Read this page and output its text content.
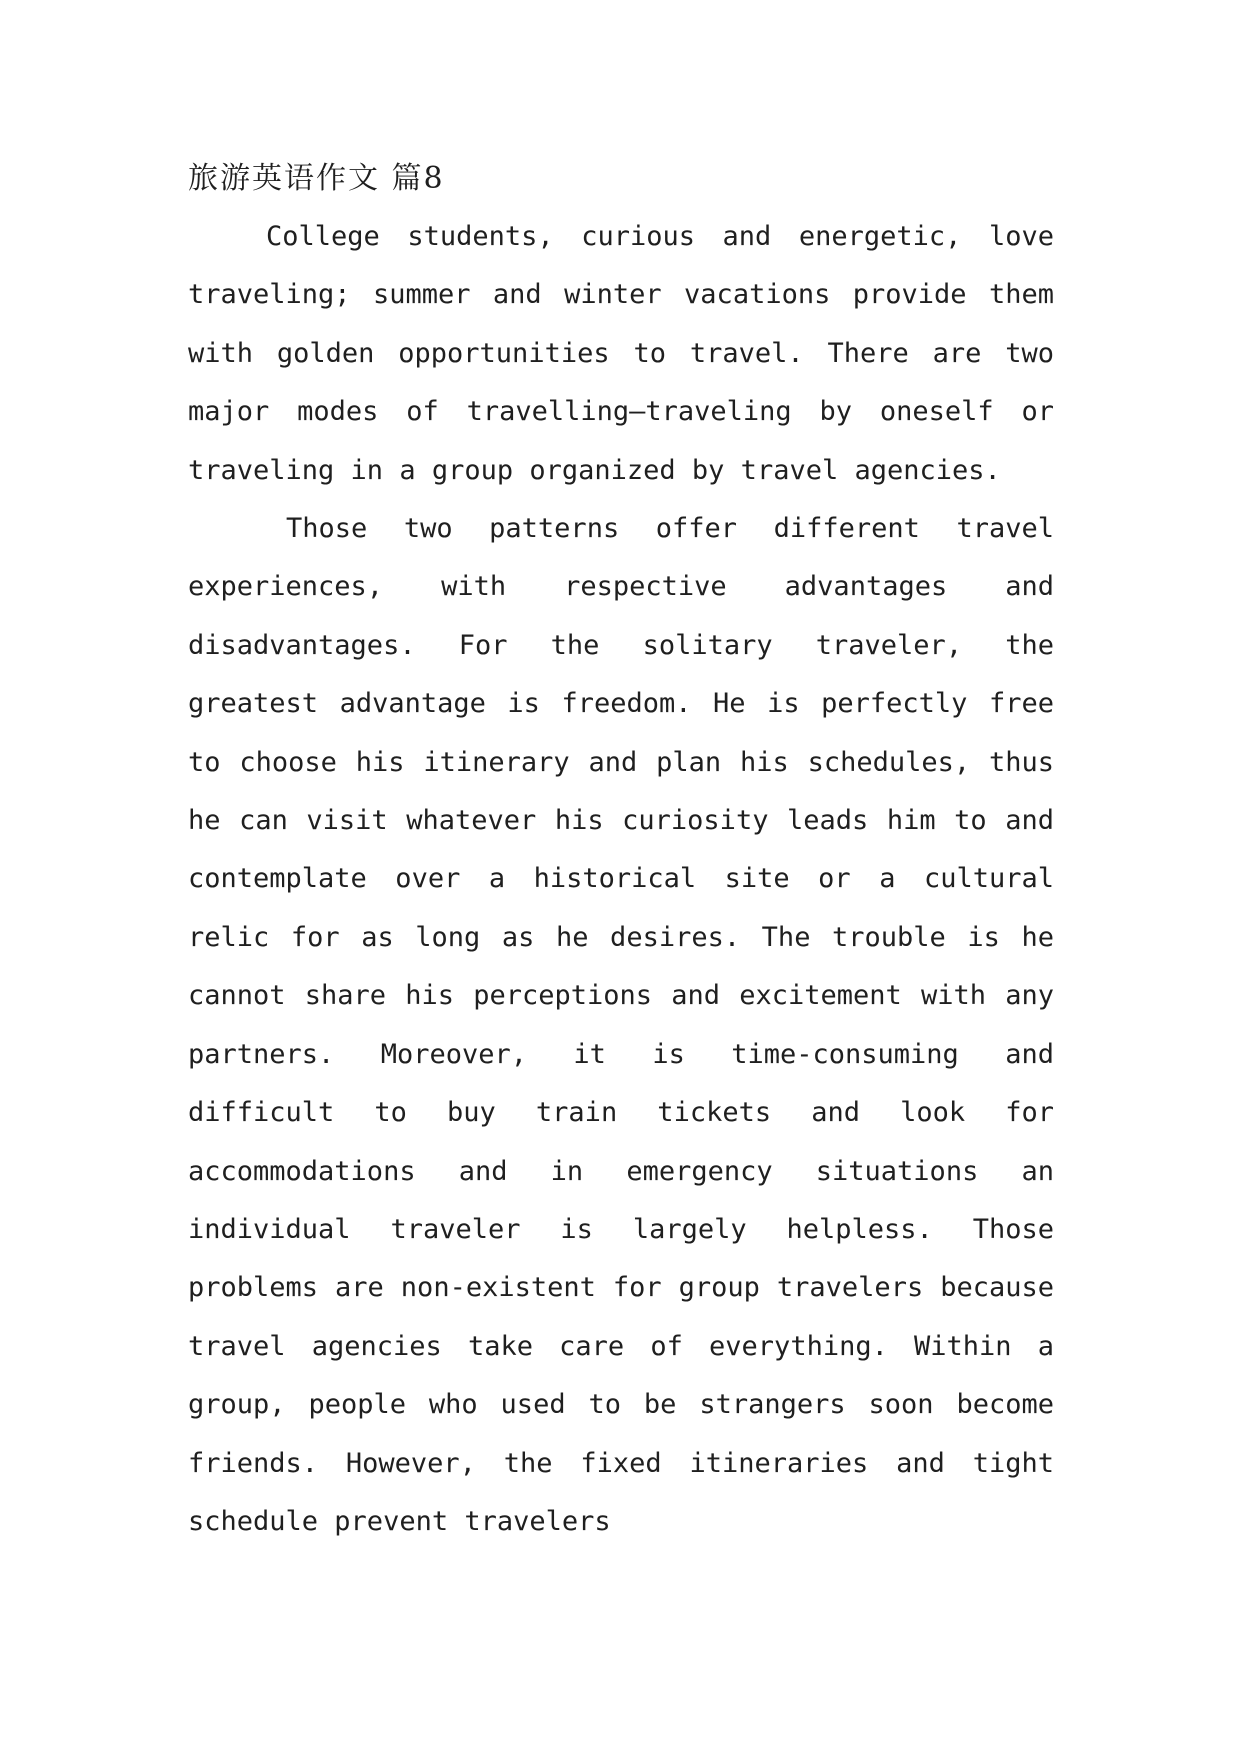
旅游英语作文 篇8

College students, curious and energetic, love traveling; summer and winter vacations provide them with golden opportunities to travel. There are two major modes of travelling—traveling by oneself or traveling in a group organized by travel agencies.

Those two patterns offer different travel experiences, with respective advantages and disadvantages. For the solitary traveler, the greatest advantage is freedom. He is perfectly free to choose his itinerary and plan his schedules, thus he can visit whatever his curiosity leads him to and contemplate over a historical site or a cultural relic for as long as he desires. The trouble is he cannot share his perceptions and excitement with any partners. Moreover, it is time-consuming and difficult to buy train tickets and look for accommodations and in emergency situations an individual traveler is largely helpless. Those problems are non-existent for group travelers because travel agencies take care of everything. Within a group, people who used to be strangers soon become friends. However, the fixed itineraries and tight schedule prevent travelers
